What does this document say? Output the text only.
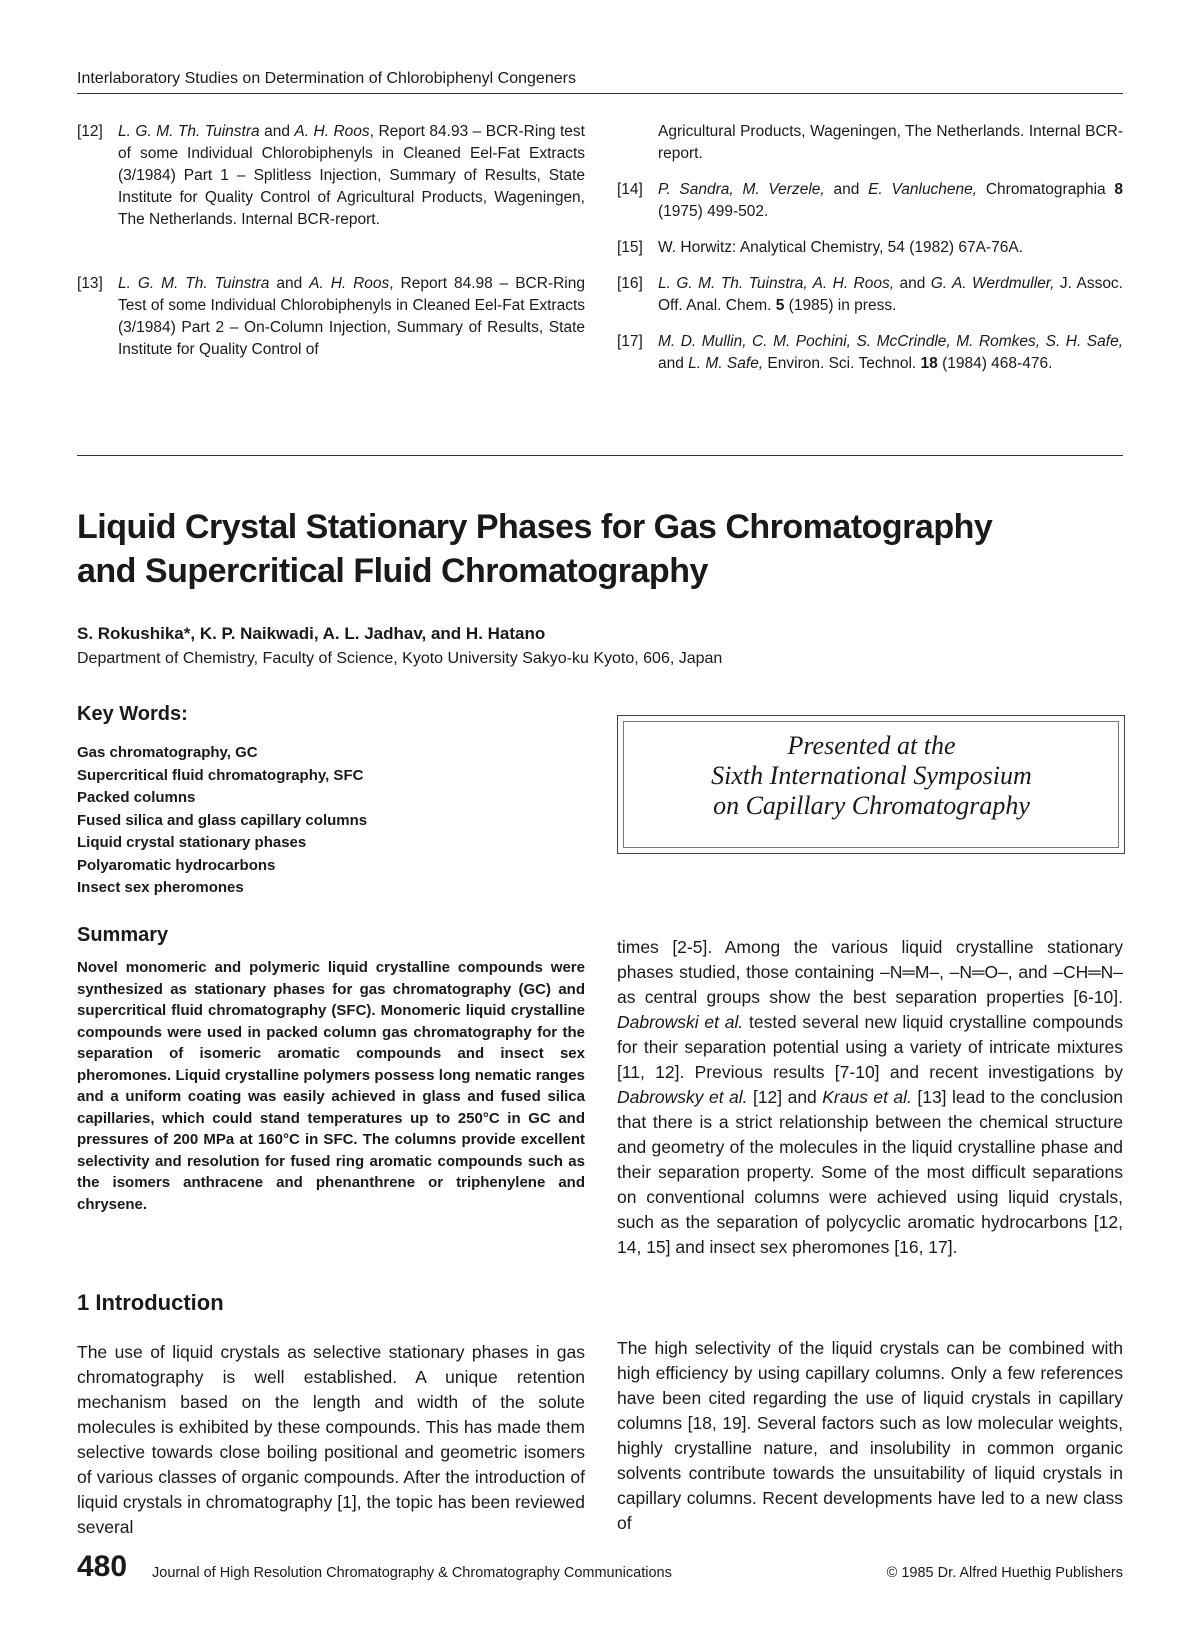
Interlaboratory Studies on Determination of Chlorobiphenyl Congeners
[12] L. G. M. Th. Tuinstra and A. H. Roos, Report 84.93 – BCR-Ring test of some Individual Chlorobiphenyls in Cleaned Eel-Fat Extracts (3/1984) Part 1 – Splitless Injection, Summary of Results, State Institute for Quality Control of Agricultural Products, Wageningen, The Netherlands. Internal BCR-report.
[13] L. G. M. Th. Tuinstra and A. H. Roos, Report 84.98 – BCR-Ring Test of some Individual Chlorobiphenyls in Cleaned Eel-Fat Extracts (3/1984) Part 2 – On-Column Injection, Summary of Results, State Institute for Quality Control of
Agricultural Products, Wageningen, The Netherlands. Internal BCR-report.
[14] P. Sandra, M. Verzele, and E. Vanluchene, Chromatographia 8 (1975) 499-502.
[15] W. Horwitz: Analytical Chemistry, 54 (1982) 67A-76A.
[16] L. G. M. Th. Tuinstra, A. H. Roos, and G. A. Werdmuller, J. Assoc. Off. Anal. Chem. 5 (1985) in press.
[17] M. D. Mullin, C. M. Pochini, S. McCrindle, M. Romkes, S. H. Safe, and L. M. Safe, Environ. Sci. Technol. 18 (1984) 468-476.
Liquid Crystal Stationary Phases for Gas Chromatography
and Supercritical Fluid Chromatography
S. Rokushika*, K. P. Naikwadi, A. L. Jadhav, and H. Hatano
Department of Chemistry, Faculty of Science, Kyoto University Sakyo-ku Kyoto, 606, Japan
Key Words:
Gas chromatography, GC
Supercritical fluid chromatography, SFC
Packed columns
Fused silica and glass capillary columns
Liquid crystal stationary phases
Polyaromatic hydrocarbons
Insect sex pheromones
Presented at the
Sixth International Symposium
on Capillary Chromatography
Summary
Novel monomeric and polymeric liquid crystalline compounds were synthesized as stationary phases for gas chromatography (GC) and supercritical fluid chromatography (SFC). Monomeric liquid crystalline compounds were used in packed column gas chromatography for the separation of isomeric aromatic compounds and insect sex pheromones. Liquid crystalline polymers possess long nematic ranges and a uniform coating was easily achieved in glass and fused silica capillaries, which could stand temperatures up to 250°C in GC and pressures of 200 MPa at 160°C in SFC. The columns provide excellent selectivity and resolution for fused ring aromatic compounds such as the isomers anthracene and phenanthrene or triphenylene and chrysene.
1 Introduction
The use of liquid crystals as selective stationary phases in gas chromatography is well established. A unique retention mechanism based on the length and width of the solute molecules is exhibited by these compounds. This has made them selective towards close boiling positional and geometric isomers of various classes of organic compounds. After the introduction of liquid crystals in chromatography [1], the topic has been reviewed several
times [2-5]. Among the various liquid crystalline stationary phases studied, those containing –N═M–, –N═O–, and –CH═N– as central groups show the best separation properties [6-10]. Dabrowski et al. tested several new liquid crystalline compounds for their separation potential using a variety of intricate mixtures [11, 12]. Previous results [7-10] and recent investigations by Dabrowsky et al. [12] and Kraus et al. [13] lead to the conclusion that there is a strict relationship between the chemical structure and geometry of the molecules in the liquid crystalline phase and their separation property. Some of the most difficult separations on conventional columns were achieved using liquid crystals, such as the separation of polycyclic aromatic hydrocarbons [12, 14, 15] and insect sex pheromones [16, 17].
The high selectivity of the liquid crystals can be combined with high efficiency by using capillary columns. Only a few references have been cited regarding the use of liquid crystals in capillary columns [18, 19]. Several factors such as low molecular weights, highly crystalline nature, and insolubility in common organic solvents contribute towards the unsuitability of liquid crystals in capillary columns. Recent developments have led to a new class of
480 Journal of High Resolution Chromatography & Chromatography Communications	© 1985 Dr. Alfred Huethig Publishers
